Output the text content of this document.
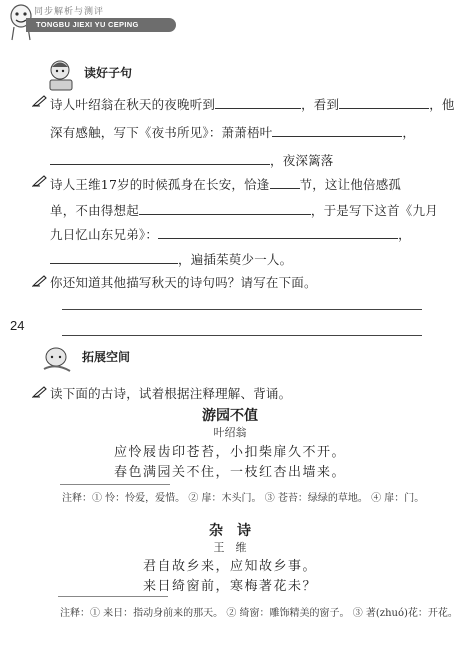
同步解析与测评
TONGBU JIEXI YU CEPING
读好子句
诗人叶绍翁在秋天的夜晚听到	，看到	，他
深有感触，写下《夜书所见》：萧萧梧叶	，
，夜深篱落
诗人王维17岁的时候孤身在长安，恰逢 节，这让他倍感孤
单，不由得想起	，于是写下这首《九月
九日忆山东兄弟》：	，
，遍插茱萸少一人。
你还知道其他描写秋天的诗句吗？请写在下面。
24
拓展空间
读下面的古诗，试着根据注释理解、背诵。
游园不值
叶绍翁
应怜屐齿印苍苔，小扣柴扉久不开。
春色满园关不住，一枝红杏出墙来。
注释：① 怜：怜爱，爱惜。 ② 扉：木头门。 ③ 苍苔：绿绿的草地。 ④ 扉：门。
杂　诗
王　维
君自故乡来，应知故乡事。
来日绮窗前，寒梅著花未？
注释：① 来日：指动身前来的那天。 ② 绮窗：雕饰精美的窗子。 ③ 著(zhuó)花：开花。
